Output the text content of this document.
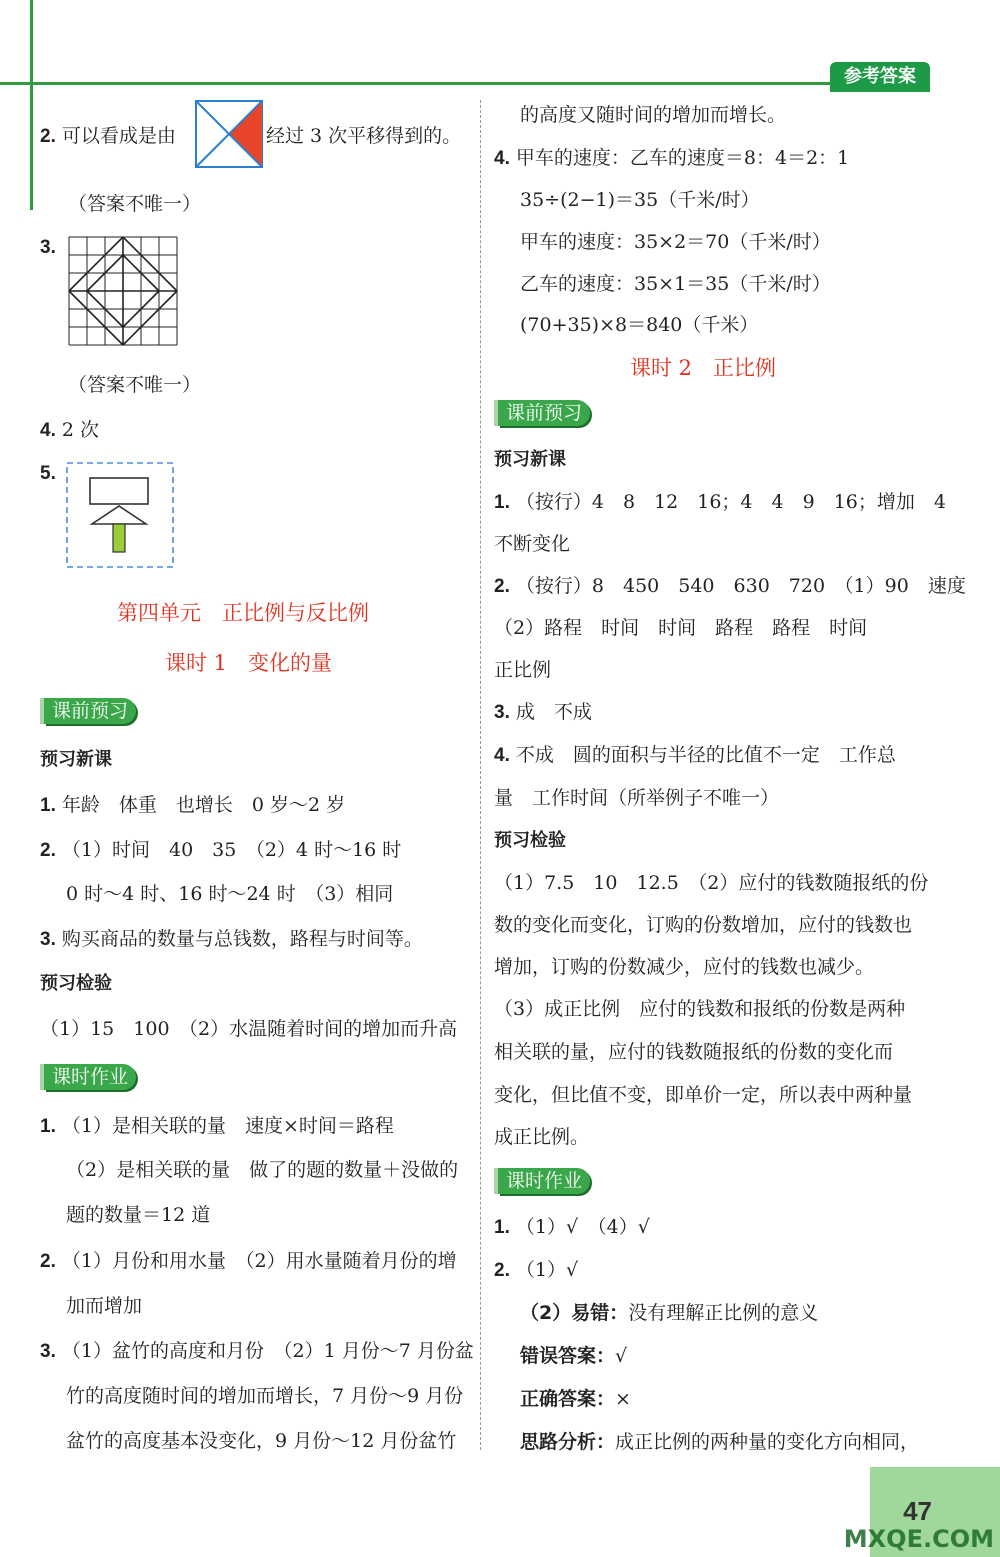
参考答案
2. 可以看成是由	经过 3 次平移得到的。
（答案不唯一）
3.
（答案不唯一）
4. 2 次
5.
第四单元　正比例与反比例
课时 1　变化的量
课前预习
预习新课
1. 年龄　体重　也增长　0 岁～2 岁
2. （1）时间　40　35　（2）4 时～16 时
0 时～4 时、16 时～24 时　（3）相同
3. 购买商品的数量与总钱数，路程与时间等。
预习检验
（1）15　100　（2）水温随着时间的增加而升高
课时作业
1. （1）是相关联的量　速度×时间＝路程
（2）是相关联的量　做了的题的数量＋没做的
题的数量＝12 道
2. （1）月份和用水量　（2）用水量随着月份的增
加而增加
3. （1）盆竹的高度和月份　（2）1 月份～7 月份盆
竹的高度随时间的增加而增长，7 月份～9 月份
盆竹的高度基本没变化，9 月份～12 月份盆竹
的高度又随时间的增加而增长。
4. 甲车的速度：乙车的速度＝8：4＝2：1
35÷(2−1)＝35（千米/时）
甲车的速度：35×2＝70（千米/时）
乙车的速度：35×1＝35（千米/时）
(70+35)×8＝840（千米）
课时 2　正比例
课前预习
预习新课
1. （按行）4　8　12　16；4　4　9　16；增加　4
不断变化
2. （按行）8　450　540　630　720　（1）90　速度
（2）路程　时间　时间　路程　路程　时间
正比例
3. 成　不成
4. 不成　圆的面积与半径的比值不一定　工作总
量　工作时间（所举例子不唯一）
预习检验
（1）7.5　10　12.5　（2）应付的钱数随报纸的份
数的变化而变化，订购的份数增加，应付的钱数也
增加，订购的份数减少，应付的钱数也减少。
（3）成正比例　应付的钱数和报纸的份数是两种
相关联的量，应付的钱数随报纸的份数的变化而
变化，但比值不变，即单价一定，所以表中两种量
成正比例。
课时作业
1. （1）√　（4）√
2. （1）√
（2）易错：没有理解正比例的意义
错误答案：√
正确答案：×
思路分析：成正比例的两种量的变化方向相同，
47
MXQE.COM
